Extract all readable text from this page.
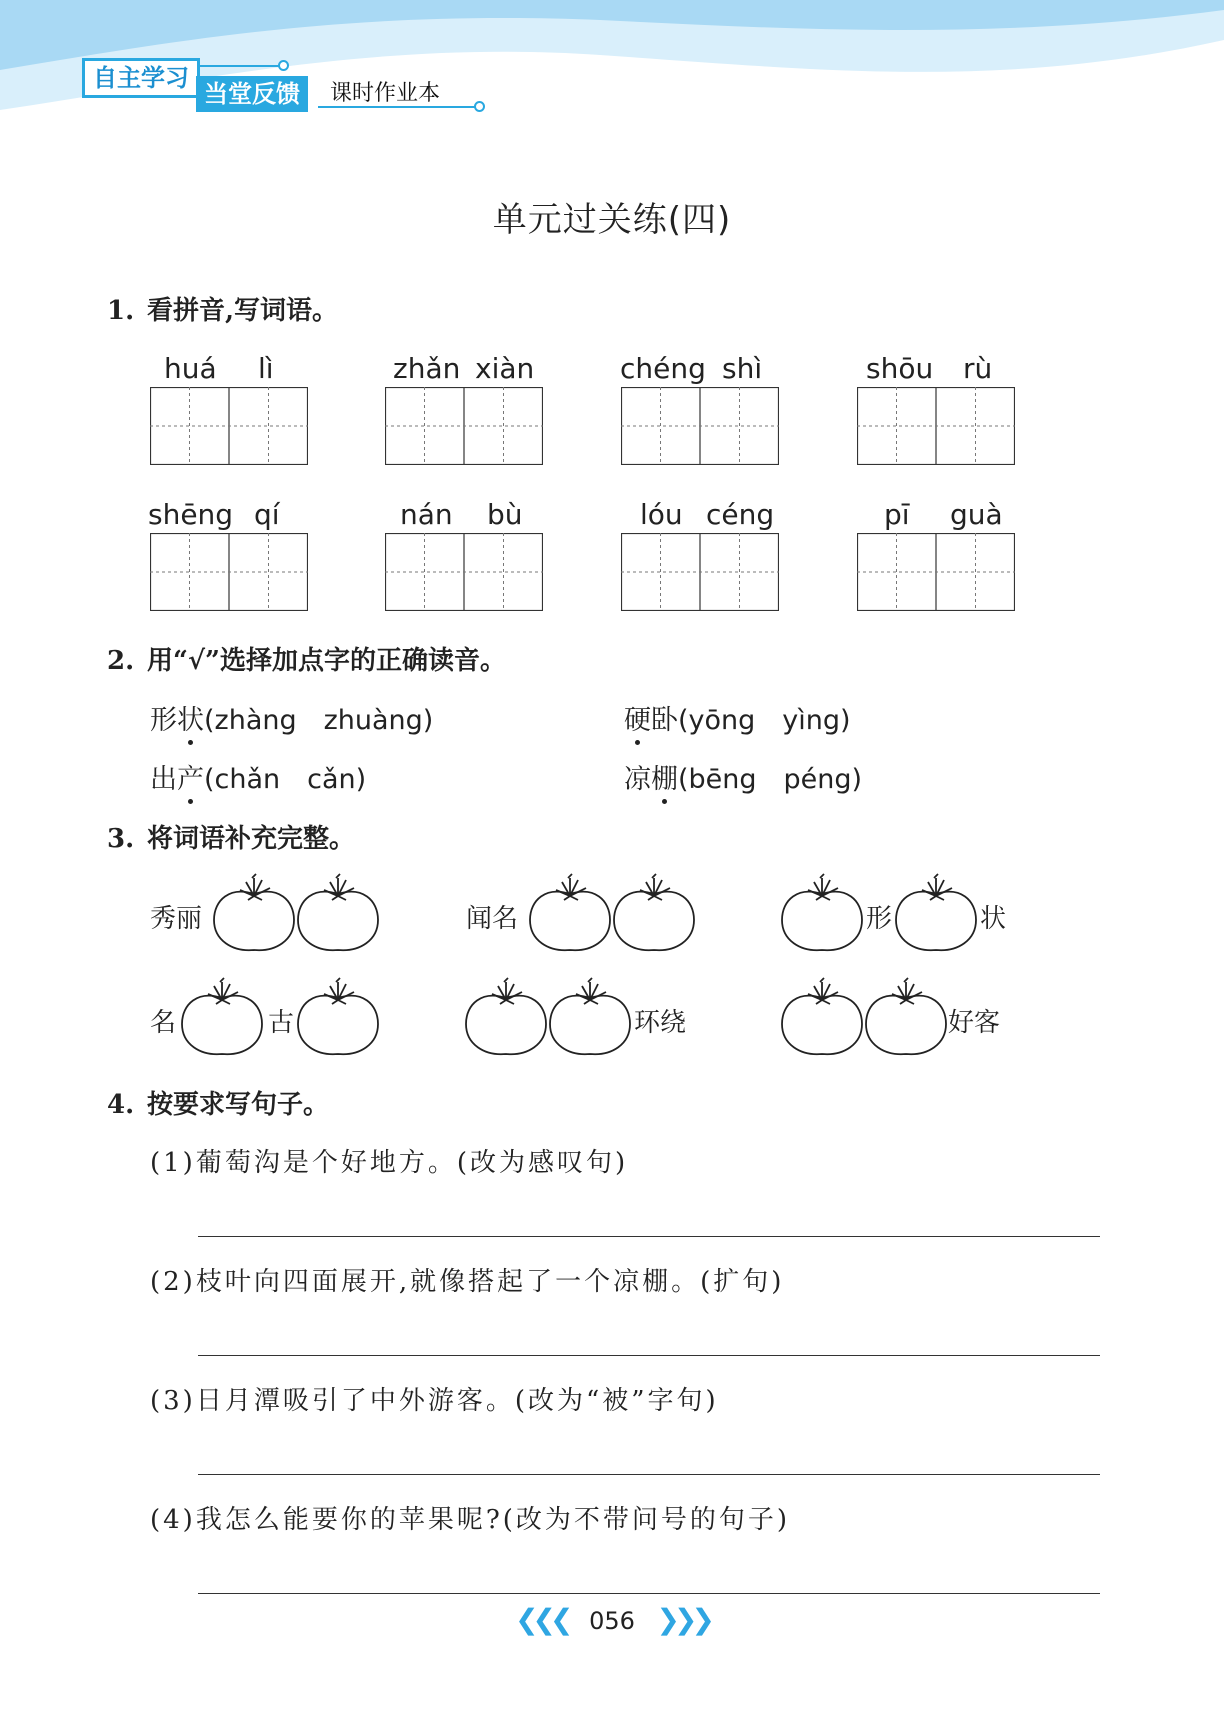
自主学习
当堂反馈	课时作业本
单元过关练(四)
1. 看拼音,写词语。
huá lì	zhǎn xiàn	chéng shì	shōu rù
shēng qí	nán bù	lóu céng	pī guà
2. 用“√”选择加点字的正确读音。
形状(zhàng　zhuàng)	硬卧(yōng　yìng)
出产(chǎn　cǎn)	凉棚(bēng　péng)
3. 将词语补充完整。
秀丽	闻名	形	状
名	古	环绕	好客
4. 按要求写句子。
(1)葡萄沟是个好地方。(改为感叹句)
(2)枝叶向四面展开,就像搭起了一个凉棚。(扩句)
(3)日月潭吸引了中外游客。(改为“被”字句)
(4)我怎么能要你的苹果呢?(改为不带问号的句子)
❮❮❮ 056 ❯❯❯
